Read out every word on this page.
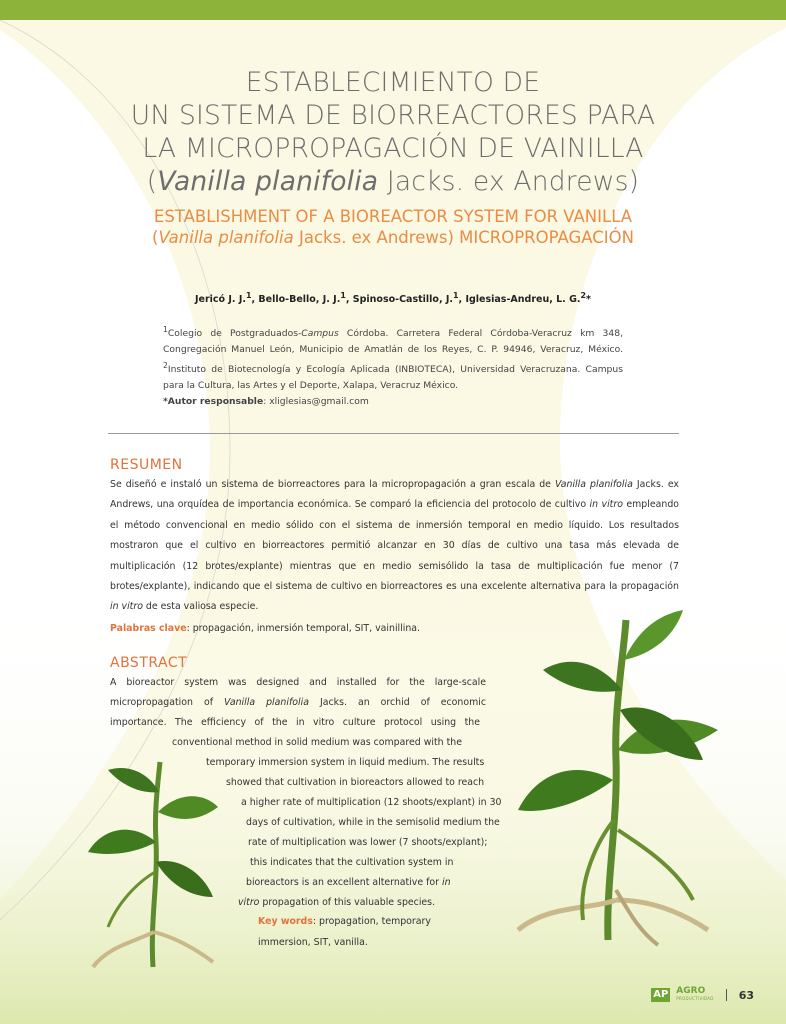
ESTABLECIMIENTO DE
UN SISTEMA DE BIORREACTORES PARA
LA MICROPROPAGACIÓN DE VAINILLA
(Vanilla planifolia Jacks. ex Andrews)
ESTABLISHMENT OF A BIOREACTOR SYSTEM FOR VANILLA
(Vanilla planifolia Jacks. ex Andrews) MICROPROPAGACIÓN
Jericó J. J.$^1$, Bello-Bello, J. J.$^1$, Spinoso-Castillo, J.$^1$, Iglesias-Andreu, L. G.$^2$*
$^1$Colegio de Postgraduados-Campus Córdoba. Carretera Federal Córdoba-Veracruz km 348, Congregación Manuel León, Municipio de Amatlán de los Reyes, C. P. 94946, Veracruz, México. $^2$Instituto de Biotecnología y Ecología Aplicada (INBIOTECA), Universidad Veracruzana. Campus para la Cultura, las Artes y el Deporte, Xalapa, Veracruz México.
*Autor responsable: xliglesias@gmail.com
RESUMEN
Se diseñó e instaló un sistema de biorreactores para la micropropagación a gran escala de Vanilla planifolia Jacks. ex Andrews, una orquídea de importancia económica. Se comparó la eficiencia del protocolo de cultivo in vitro empleando el método convencional en medio sólido con el sistema de inmersión temporal en medio líquido. Los resultados mostraron que el cultivo en biorreactores permitió alcanzar en 30 días de cultivo una tasa más elevada de multiplicación (12 brotes/explante) mientras que en medio semisólido la tasa de multiplicación fue menor (7 brotes/explante), indicando que el sistema de cultivo en biorreactores es una excelente alternativa para la propagación in vitro de esta valiosa especie.
Palabras clave: propagación, inmersión temporal, SIT, vainillina.
ABSTRACT
A bioreactor system was designed and installed for the large-scale
micropropagation of Vanilla planifolia Jacks. an orchid of economic
importance. The efficiency of the in vitro culture protocol using the
conventional method in solid medium was compared with the
temporary immersion system in liquid medium. The results
showed that cultivation in bioreactors allowed to reach
a higher rate of multiplication (12 shoots/explant) in 30
days of cultivation, while in the semisolid medium the
rate of multiplication was lower (7 shoots/explant);
this indicates that the cultivation system in
bioreactors is an excellent alternative for in
vitro propagation of this valuable species.
Key words: propagation, temporary
immersion, SIT, vanilla.
AP AGRO
PRODUCTIVIDAD 63
